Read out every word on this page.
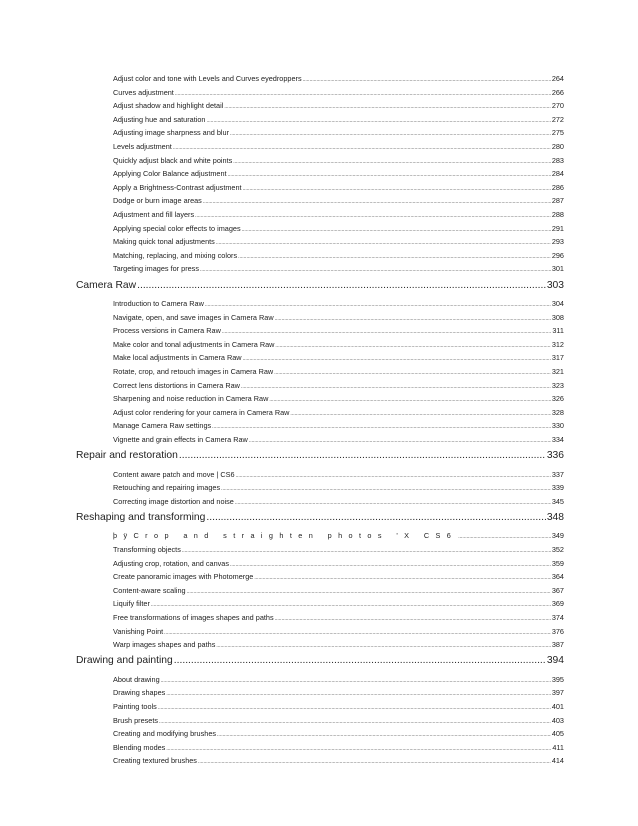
Adjust color and tone with Levels and Curves eyedroppers .....	264
Curves adjustment .....	266
Adjust shadow and highlight detail .....	270
Adjusting hue and saturation .....	272
Adjusting image sharpness and blur .....	275
Levels adjustment .....	280
Quickly adjust black and white points .....	283
Applying Color Balance adjustment .....	284
Apply a Brightness-Contrast adjustment .....	286
Dodge or burn image areas .....	287
Adjustment and fill layers .....	288
Applying special color effects to images .....	291
Making quick tonal adjustments .....	293
Matching, replacing, and mixing colors .....	296
Targeting images for press .....	301
Camera Raw .....	303
Introduction to Camera Raw .....	304
Navigate, open, and save images in Camera Raw .....	308
Process versions in Camera Raw .....	311
Make color and tonal adjustments in Camera Raw .....	312
Make local adjustments in Camera Raw .....	317
Rotate, crop, and retouch images in Camera Raw .....	321
Correct lens distortions in Camera Raw .....	323
Sharpening and noise reduction in Camera Raw .....	326
Adjust color rendering for your camera in Camera Raw .....	328
Manage Camera Raw settings .....	330
Vignette and grain effects in Camera Raw .....	334
Repair and restoration .....	336
Content aware patch and move | CS6 .....	337
Retouching and repairing images .....	339
Correcting image distortion and noise .....	345
Reshaping and transforming .....	348
þÿCrop and straighten photos 'X CS6 .....	349
Transforming objects .....	352
Adjusting crop, rotation, and canvas .....	359
Create panoramic images with Photomerge .....	364
Content-aware scaling .....	367
Liquify filter .....	369
Free transformations of images shapes and paths .....	374
Vanishing Point .....	376
Warp images shapes and paths .....	387
Drawing and painting .....	394
About drawing .....	395
Drawing shapes .....	397
Painting tools .....	401
Brush presets .....	403
Creating and modifying brushes .....	405
Blending modes .....	411
Creating textured brushes .....	414
